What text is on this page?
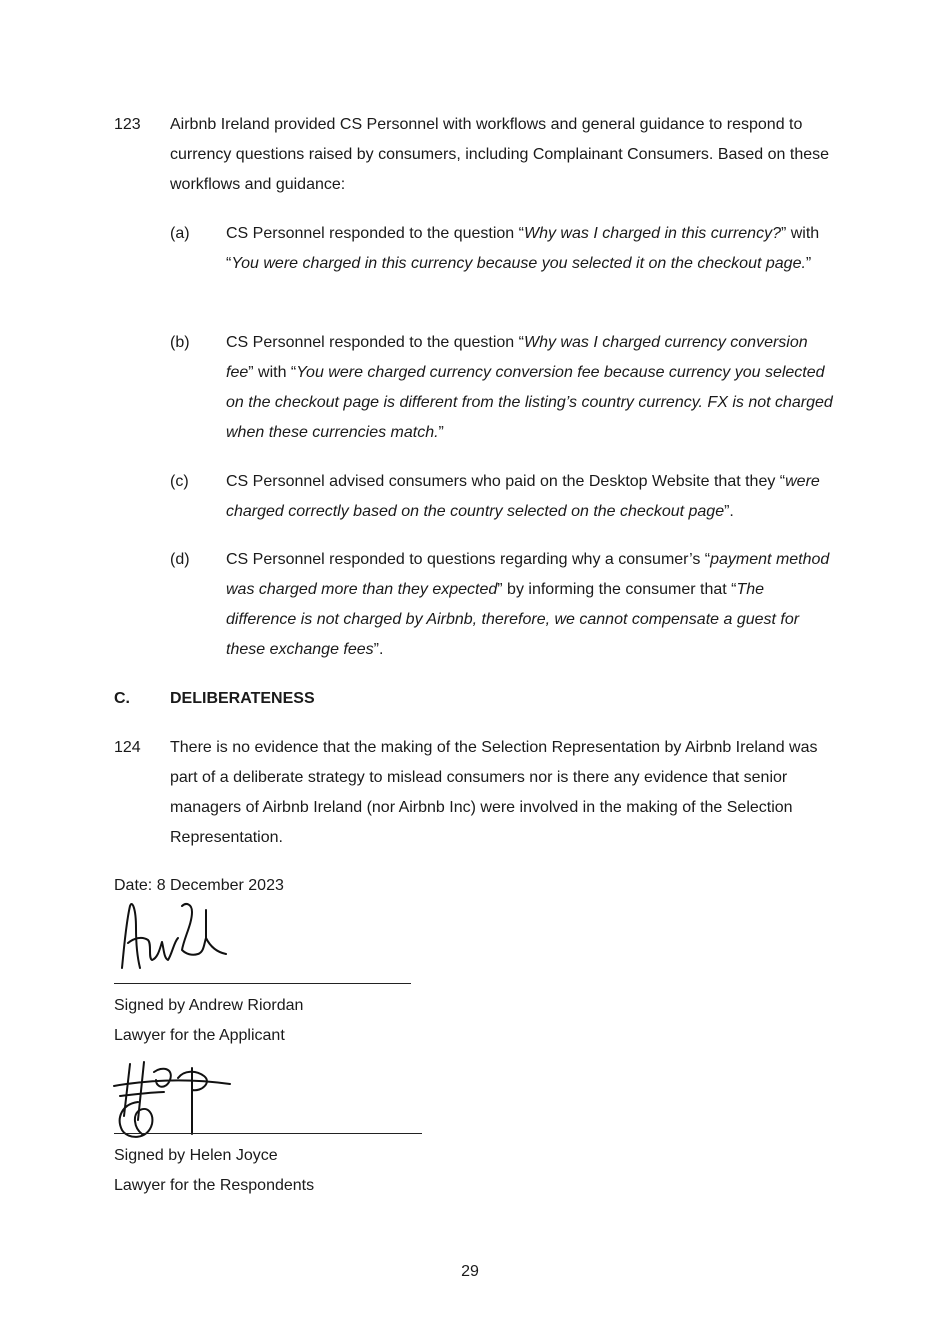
123 Airbnb Ireland provided CS Personnel with workflows and general guidance to respond to currency questions raised by consumers, including Complainant Consumers. Based on these workflows and guidance:
(a) CS Personnel responded to the question “Why was I charged in this currency?” with “You were charged in this currency because you selected it on the checkout page.”
(b) CS Personnel responded to the question “Why was I charged currency conversion fee” with “You were charged currency conversion fee because currency you selected on the checkout page is different from the listing’s country currency. FX is not charged when these currencies match.”
(c) CS Personnel advised consumers who paid on the Desktop Website that they “were charged correctly based on the country selected on the checkout page”.
(d) CS Personnel responded to questions regarding why a consumer’s “payment method was charged more than they expected” by informing the consumer that “The difference is not charged by Airbnb, therefore, we cannot compensate a guest for these exchange fees”.
C.	DELIBERATENESS
124 There is no evidence that the making of the Selection Representation by Airbnb Ireland was part of a deliberate strategy to mislead consumers nor is there any evidence that senior managers of Airbnb Ireland (nor Airbnb Inc) were involved in the making of the Selection Representation.
Date: 8 December 2023
Signed by Andrew Riordan
Lawyer for the Applicant
Signed by Helen Joyce
Lawyer for the Respondents
29
